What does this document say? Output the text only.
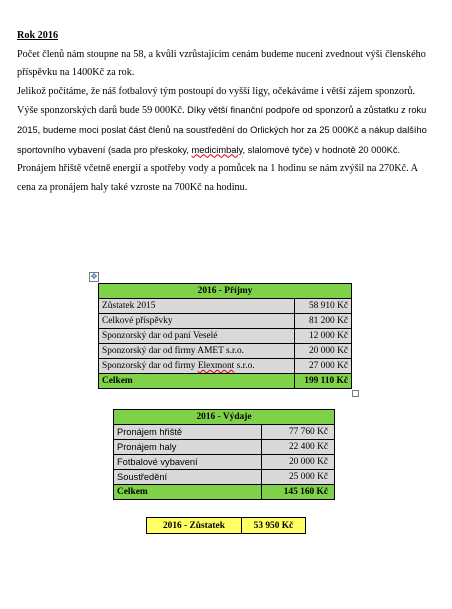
Rok 2016

Počet členů nám stoupne na 58, a kvůli vzrůstajícím cenám budeme nuceni zvednout výši členského příspěvku na 1400Kč za rok.

Jelikož počítáme, že náš fotbalový tým postoupí do vyšší ligy, očekáváme i větší zájem sponzorů. Výše sponzorských darů bude 59 000Kč. Díky větší finanční podpoře od sponzorů a zůstatku z roku 2015, budeme moci poslat část členů na soustředění do Orlických hor za 25 000Kč a nákup dalšího sportovního vybavení (sada pro přeskoky, medicimbaly, slalomové tyče) v hodnotě 20 000Kč.

Pronájem hřiště včetně energií a spotřeby vody a pomůcek na 1 hodinu se nám zvýšil na 270Kč. A cena za pronájem haly také vzroste na 700Kč na hodinu.

✥
2016 - Příjmy	
Zůstatek 2015	58 910 Kč
Celkové příspěvky	81 200 Kč
Sponzorský dar od paní Veselé	12 000 Kč
Sponzorský dar od firmy AMET s.r.o.	20 000 Kč
Sponzorský dar od firmy Elexmont s.r.o.	27 000 Kč
Celkem	199 110 Kč
2016 - Výdaje	
Pronájem hřiště	77 760 Kč
Pronájem haly	22 400 Kč
Fotbalové vybavení	20 000 Kč
Soustředění	25 000 Kč
Celkem	145 160 Kč
2016 - Zůstatek	53 950 Kč
